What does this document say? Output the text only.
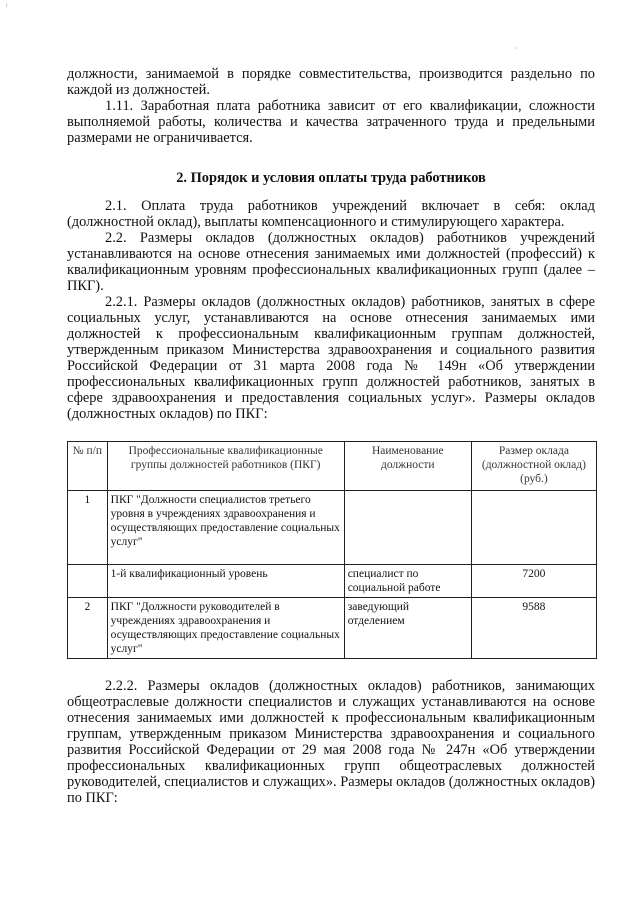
ˡ
·

должности, занимаемой в порядке совместительства, производится раздельно по каждой из должностей.

1.11. Заработная плата работника зависит от его квалификации, сложности выполняемой работы, количества и качества затраченного труда и предельными размерами не ограничивается.

2. Порядок и условия оплаты труда работников

2.1. Оплата труда работников учреждений включает в себя: оклад (должностной оклад), выплаты компенсационного и стимулирующего характера.

2.2. Размеры окладов (должностных окладов) работников учреждений устанавливаются на основе отнесения занимаемых ими должностей (профессий) к квалификационным уровням профессиональных квалификационных групп (далее – ПКГ).

2.2.1. Размеры окладов (должностных окладов) работников, занятых в сфере социальных услуг, устанавливаются на основе отнесения занимаемых ими должностей к профессиональным квалификационным группам должностей, утвержденным приказом Министерства здравоохранения и социального развития Российской Федерации от 31 марта 2008 года № 149н «Об утверждении профессиональных квалификационных групп должностей работников, занятых в сфере здравоохранения и предоставления социальных услуг». Размеры окладов (должностных окладов) по ПКГ:

№ п/п	Профессиональные квалификационные группы должностей работников (ПКГ)	Наименование должности	Размер оклада (должностной оклад) (руб.)
1	ПКГ "Должности специалистов третьего уровня в учреждениях здравоохранения и осуществляющих предоставление социальных услуг"		
	1-й квалификационный уровень	специалист по социальной работе	7200
2	ПКГ "Должности руководителей в учреждениях здравоохранения и осуществляющих предоставление социальных услуг"	заведующий отделением	9588

2.2.2. Размеры окладов (должностных окладов) работников, занимающих общеотраслевые должности специалистов и служащих устанавливаются на основе отнесения занимаемых ими должностей к профессиональным квалификационным группам, утвержденным приказом Министерства здравоохранения и социального развития Российской Федерации от 29 мая 2008 года № 247н «Об утверждении профессиональных квалификационных групп общеотраслевых должностей руководителей, специалистов и служащих». Размеры окладов (должностных окладов) по ПКГ:
